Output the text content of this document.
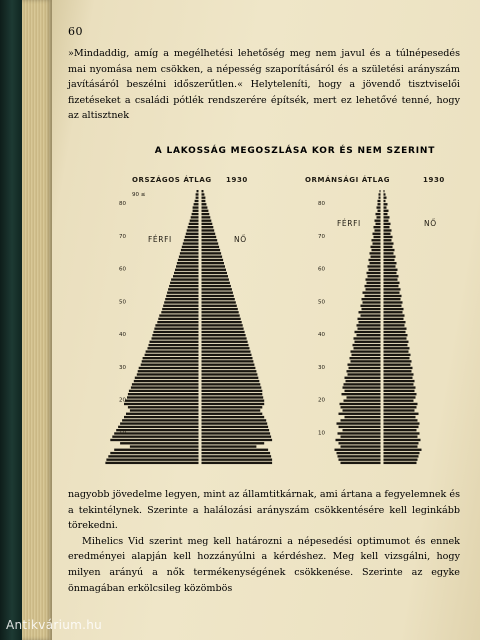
60

»Mindaddig, amíg a megélhetési lehetőség meg nem javul és a túlnépesedés mai nyomása nem csökken, a népesség szaporításáról és a születési arányszám javításáról beszélni időszerűtlen.« Helyteleníti, hogy a jövendő tisztviselői fizetéseket a családi pótlék rendszerére építsék, mert ez lehetővé tenné, hogy az altisztnek

A LAKOSSÁG MEGOSZLÁSA KOR ÉS NEM SZERINT
ORSZÁGOS ÁTLAG 1930
90 ≤
FÉRFI	NŐ
80
70
60
50
40
30
20
10
ORMÁNSÁGI ÁTLAG	1930
FÉRFI	NŐ
80
70
60
50
40
30
20
10

nagyobb jövedelme legyen, mint az államtitkárnak, ami ártana a fegyelemnek és a tekintélynek. Szerinte a halálozási arányszám csökkentésére kell leginkább törekedni.
Mihelics Vid szerint meg kell határozni a népesedési optimumot és ennek eredményei alapján kell hozzányúlni a kérdéshez. Meg kell vizsgálni, hogy milyen arányú a nők termékenységének csökkenése. Szerinte az egyke önmagában erkölcsileg közömbös

Antikvárium.hu
